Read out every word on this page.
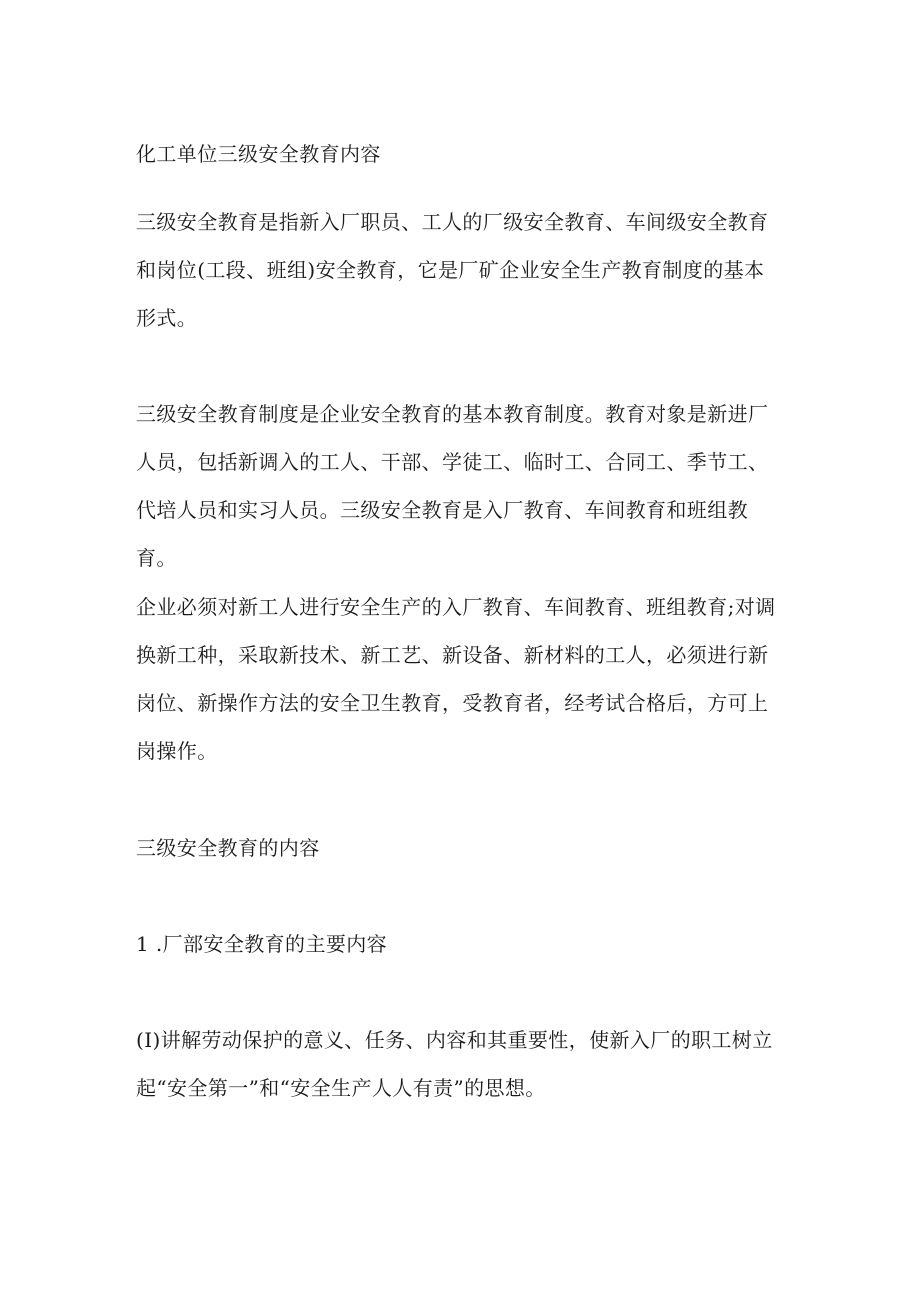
化工单位三级安全教育内容

三级安全教育是指新入厂职员、工人的厂级安全教育、车间级安全教育和岗位(工段、班组)安全教育，它是厂矿企业安全生产教育制度的基本形式。

三级安全教育制度是企业安全教育的基本教育制度。教育对象是新进厂人员，包括新调入的工人、干部、学徒工、临时工、合同工、季节工、代培人员和实习人员。三级安全教育是入厂教育、车间教育和班组教育。

企业必须对新工人进行安全生产的入厂教育、车间教育、班组教育;对调换新工种，采取新技术、新工艺、新设备、新材料的工人，必须进行新岗位、新操作方法的安全卫生教育，受教育者，经考试合格后，方可上岗操作。

三级安全教育的内容

1 .厂部安全教育的主要内容

(I)讲解劳动保护的意义、任务、内容和其重要性，使新入厂的职工树立起“安全第一”和“安全生产人人有责”的思想。
